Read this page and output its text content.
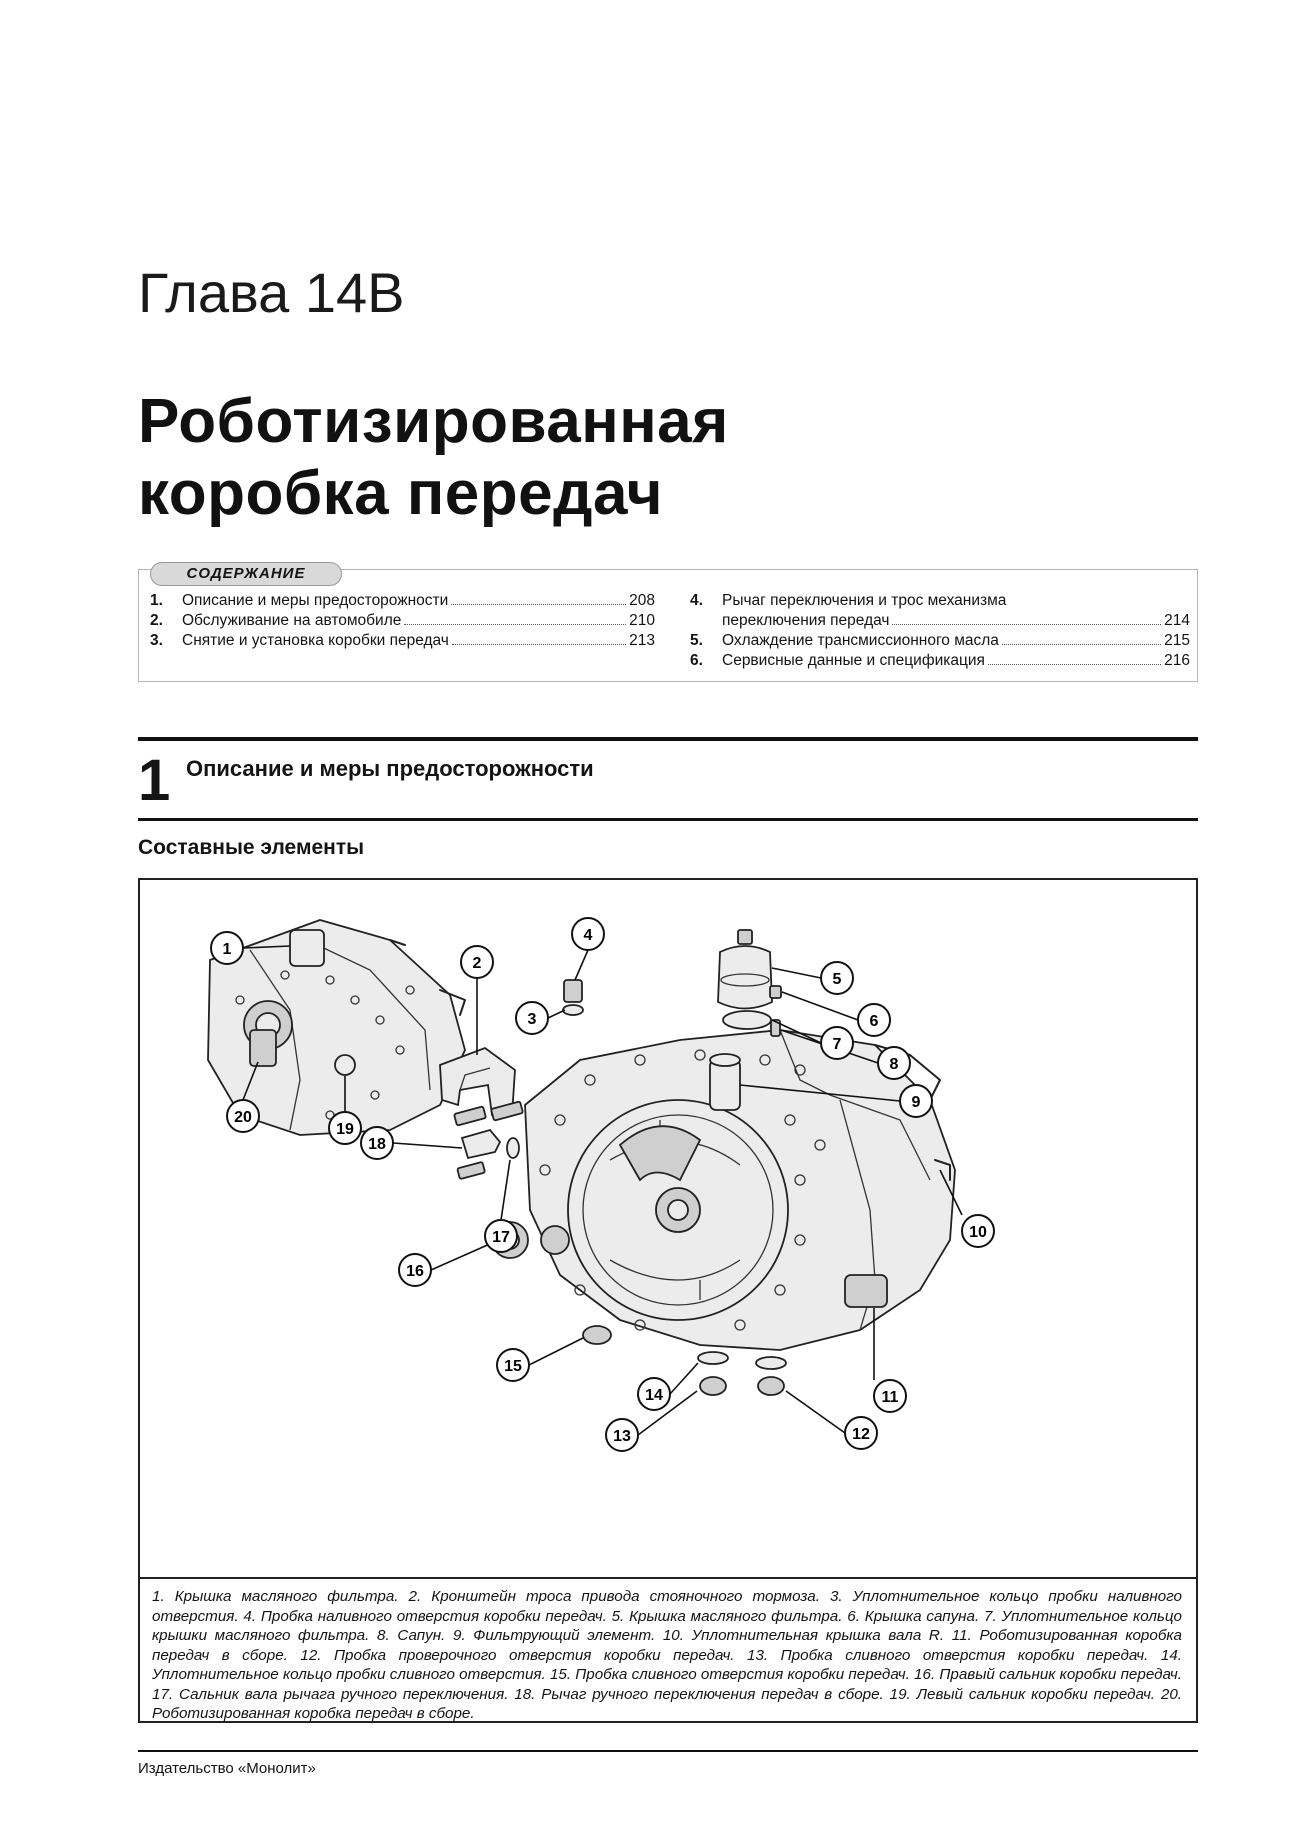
Глава 14В
Роботизированная
коробка передач
СОДЕРЖАНИЕ
1.	Описание и меры предосторожности	208
2.	Обслуживание на автомобиле	210
3.	Снятие и установка коробки передач	213
4.	Рычаг переключения и трос механизма
переключения передач	214
5.	Охлаждение трансмиссионного масла	215
6.	Сервисные данные и спецификация	216
1 Описание и меры предосторожности
Составные элементы
1
2
3
4
5
6
7
8
9
10
11
12
13
14
15
16
17
18
19
20

1. Крышка масляного фильтра. 2. Кронштейн троса привода стояночного тормоза. 3. Уплотнительное кольцо пробки наливного отверстия. 4. Пробка наливного отверстия коробки передач. 5. Крышка масляного фильтра. 6. Крышка сапуна. 7. Уплотнительное кольцо крышки масляного фильтра. 8. Сапун. 9. Фильтрующий элемент. 10. Уплотнительная крышка вала R. 11. Роботизированная коробка передач в сборе. 12. Пробка проверочного отверстия коробки передач. 13. Пробка сливного отверстия коробки передач. 14. Уплотнительное кольцо пробки сливного отверстия. 15. Пробка сливного отверстия коробки передач. 16. Правый сальник коробки передач. 17. Сальник вала рычага ручного переключения. 18. Рычаг ручного переключения передач в сборе. 19. Левый сальник коробки передач. 20. Роботизированная коробка передач в сборе.

Издательство «Монолит»
